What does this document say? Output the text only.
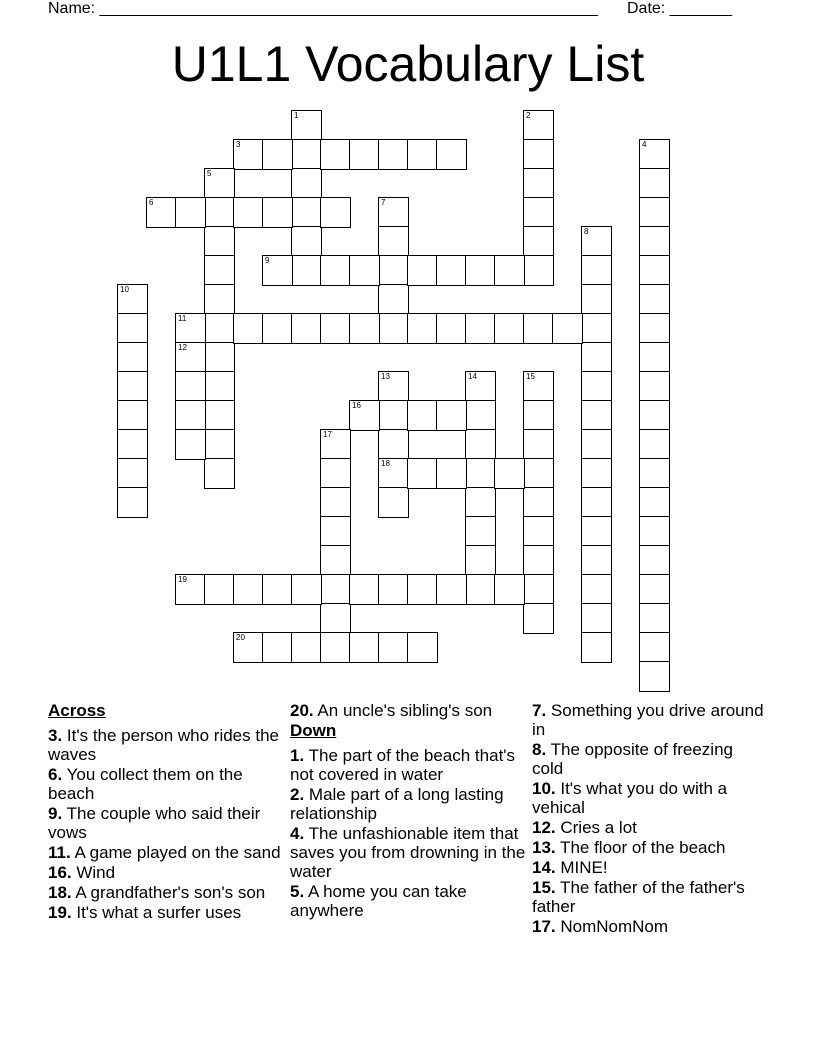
Name: ________________________________________________________ Date: _______
U1L1 Vocabulary List
1	2
3	4
5
6	7
8
9
10
11
12
13
18
14	15
16
17
19
20
Across
3. It's the person who rides the waves
6. You collect them on the beach
9. The couple who said their vows
11. A game played on the sand
16. Wind
18. A grandfather's son's son
19. It's what a surfer uses
20. An uncle's sibling's son
Down
1. The part of the beach that's not covered in water
2. Male part of a long lasting relationship
4. The unfashionable item that saves you from drowning in the water
5. A home you can take anywhere
7. Something you drive around in
8. The opposite of freezing cold
10. It's what you do with a vehical
12. Cries a lot
13. The floor of the beach
14. MINE!
15. The father of the father's father
17. NomNomNom
